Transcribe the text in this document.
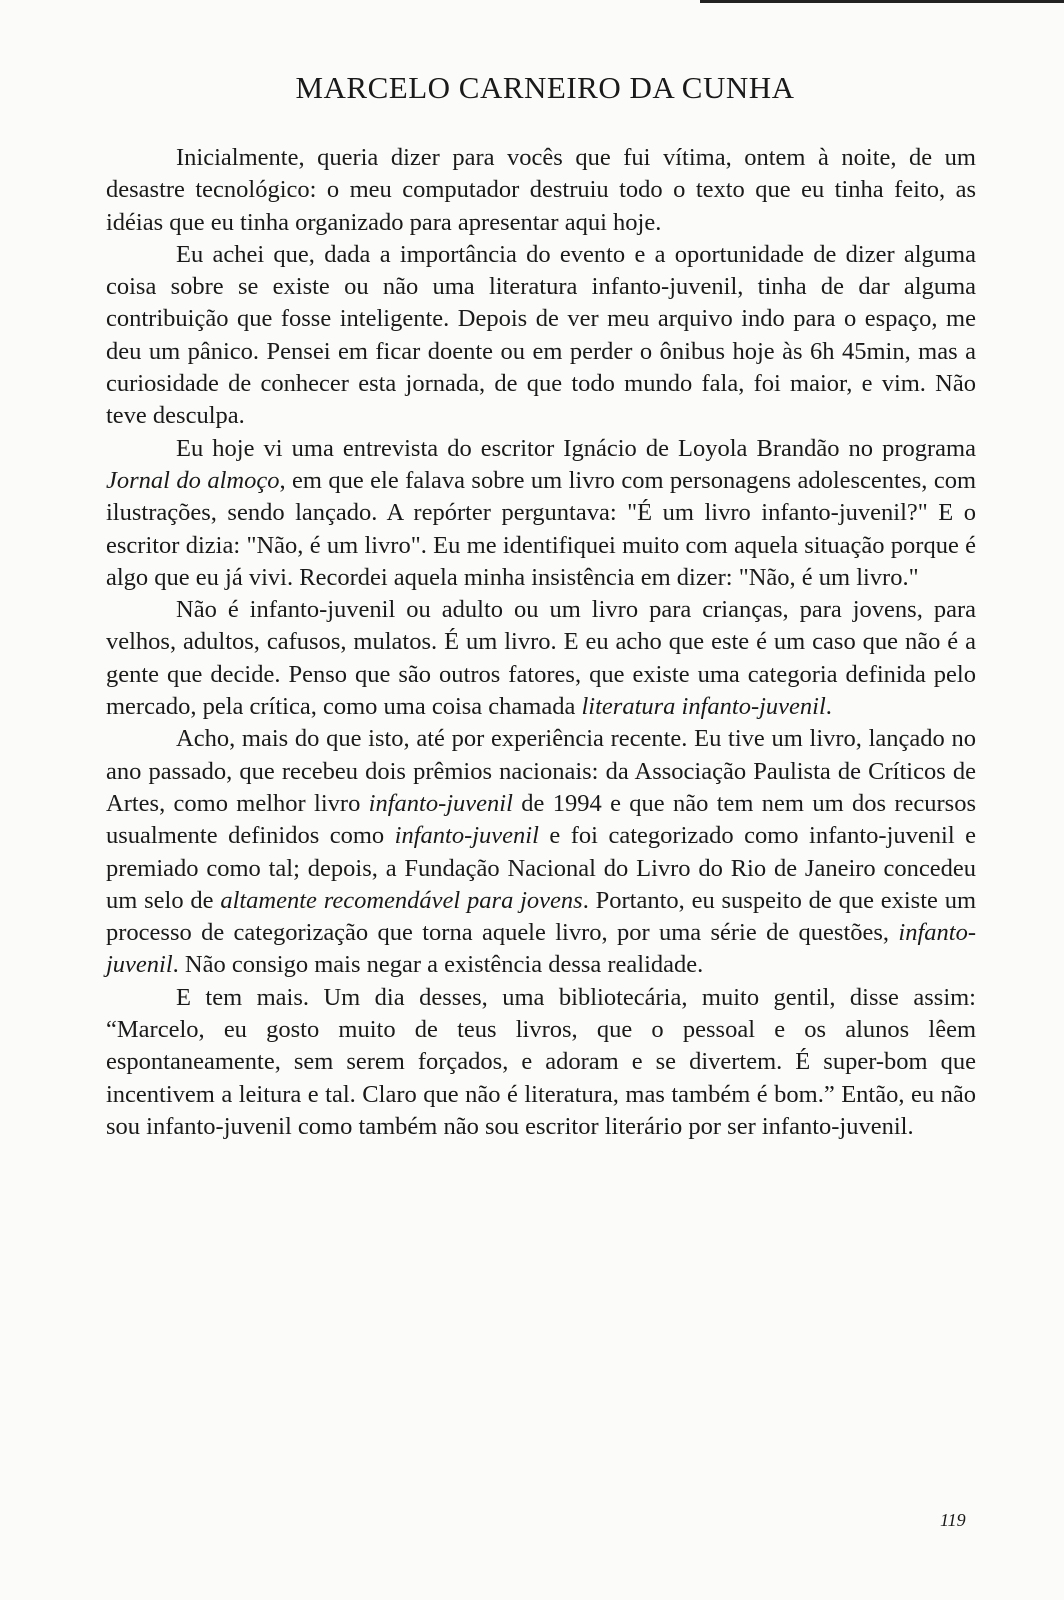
MARCELO CARNEIRO DA CUNHA

Inicialmente, queria dizer para vocês que fui vítima, ontem à noite, de um desastre tecnológico: o meu computador destruiu todo o texto que eu tinha feito, as idéias que eu tinha organizado para apresentar aqui hoje.

Eu achei que, dada a importância do evento e a oportunidade de dizer alguma coisa sobre se existe ou não uma literatura infanto-juvenil, tinha de dar alguma contribuição que fosse inteligente. Depois de ver meu arquivo indo para o espaço, me deu um pânico. Pensei em ficar doente ou em perder o ônibus hoje às 6h 45min, mas a curiosidade de conhecer esta jornada, de que todo mundo fala, foi maior, e vim. Não teve desculpa.

Eu hoje vi uma entrevista do escritor Ignácio de Loyola Brandão no programa Jornal do almoço, em que ele falava sobre um livro com personagens adolescentes, com ilustrações, sendo lançado. A repórter perguntava: "É um livro infanto-juvenil?" E o escritor dizia: "Não, é um livro". Eu me identifiquei muito com aquela situação porque é algo que eu já vivi. Recordei aquela minha insistência em dizer: "Não, é um livro."

Não é infanto-juvenil ou adulto ou um livro para crianças, para jovens, para velhos, adultos, cafusos, mulatos. É um livro. E eu acho que este é um caso que não é a gente que decide. Penso que são outros fatores, que existe uma categoria definida pelo mercado, pela crítica, como uma coisa chamada literatura infanto-juvenil.

Acho, mais do que isto, até por experiência recente. Eu tive um livro, lançado no ano passado, que recebeu dois prêmios nacionais: da Associação Paulista de Críticos de Artes, como melhor livro infanto-juvenil de 1994 e que não tem nem um dos recursos usualmente definidos como infanto-juvenil e foi categorizado como infanto-juvenil e premiado como tal; depois, a Fundação Nacional do Livro do Rio de Janeiro concedeu um selo de altamente recomendável para jovens. Portanto, eu suspeito de que existe um processo de categorização que torna aquele livro, por uma série de questões, infanto-juvenil. Não consigo mais negar a existência dessa realidade.

E tem mais. Um dia desses, uma bibliotecária, muito gentil, disse assim: “Marcelo, eu gosto muito de teus livros, que o pessoal e os alunos lêem espontaneamente, sem serem forçados, e adoram e se divertem. É super-bom que incentivem a leitura e tal. Claro que não é literatura, mas também é bom.” Então, eu não sou infanto-juvenil como também não sou escritor literário por ser infanto-juvenil.

119
